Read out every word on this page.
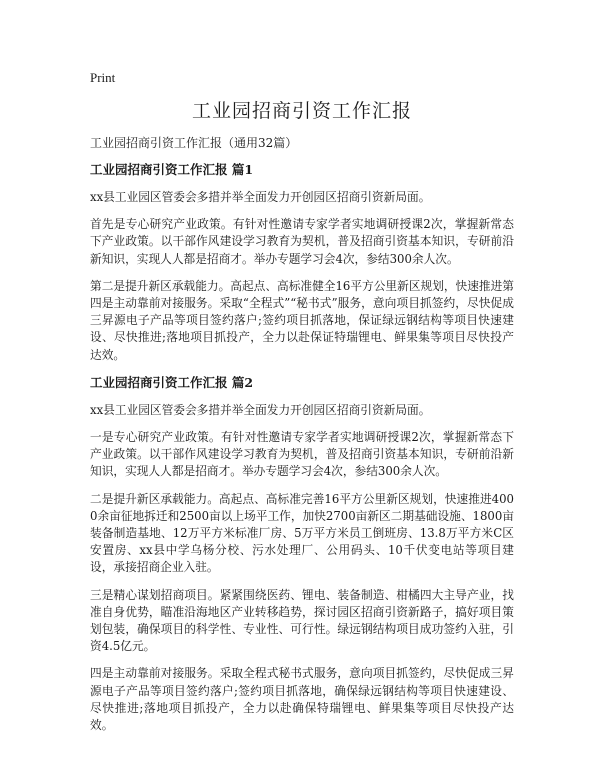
Print
工业园招商引资工作汇报

工业园招商引资工作汇报（通用32篇）

工业园招商引资工作汇报 篇1

xx县工业园区管委会多措并举全面发力开创园区招商引资新局面。

首先是专心研究产业政策。有针对性邀请专家学者实地调研授课2次，掌握新常态下产业政策。以干部作风建设学习教育为契机，普及招商引资基本知识，专研前沿新知识，实现人人都是招商才。举办专题学习会4次，参结300余人次。

第二是提升新区承载能力。高起点、高标准健全16平方公里新区规划，快速推进第四是主动靠前对接服务。采取“全程式”“秘书式”服务，意向项目抓签约，尽快促成三昇源电子产品等项目签约落户;签约项目抓落地，保证绿远钢结构等项目快速建设、尽快推进;落地项目抓投产，全力以赴保证特瑞锂电、鲜果集等项目尽快投产达效。

工业园招商引资工作汇报 篇2

xx县工业园区管委会多措并举全面发力开创园区招商引资新局面。

一是专心研究产业政策。有针对性邀请专家学者实地调研授课2次，掌握新常态下产业政策。以干部作风建设学习教育为契机，普及招商引资基本知识，专研前沿新知识，实现人人都是招商才。举办专题学习会4次，参结300余人次。

二是提升新区承载能力。高起点、高标准完善16平方公里新区规划，快速推进4000余亩征地拆迁和2500亩以上场平工作，加快2700亩新区二期基础设施、1800亩装备制造基地、12万平方米标准厂房、5万平方米员工倒班房、13.8万平方米C区安置房、xx县中学乌杨分校、污水处理厂、公用码头、10千伏变电站等项目建设，承接招商企业入驻。

三是精心谋划招商项目。紧紧围绕医药、锂电、装备制造、柑橘四大主导产业，找准自身优势，瞄准沿海地区产业转移趋势，探讨园区招商引资新路子，搞好项目策划包装，确保项目的科学性、专业性、可行性。绿远钢结构项目成功签约入驻，引资4.5亿元。

四是主动靠前对接服务。采取全程式秘书式服务，意向项目抓签约，尽快促成三昇源电子产品等项目签约落户;签约项目抓落地，确保绿远钢结构等项目快速建设、尽快推进;落地项目抓投产，全力以赴确保特瑞锂电、鲜果集等项目尽快投产达效。
